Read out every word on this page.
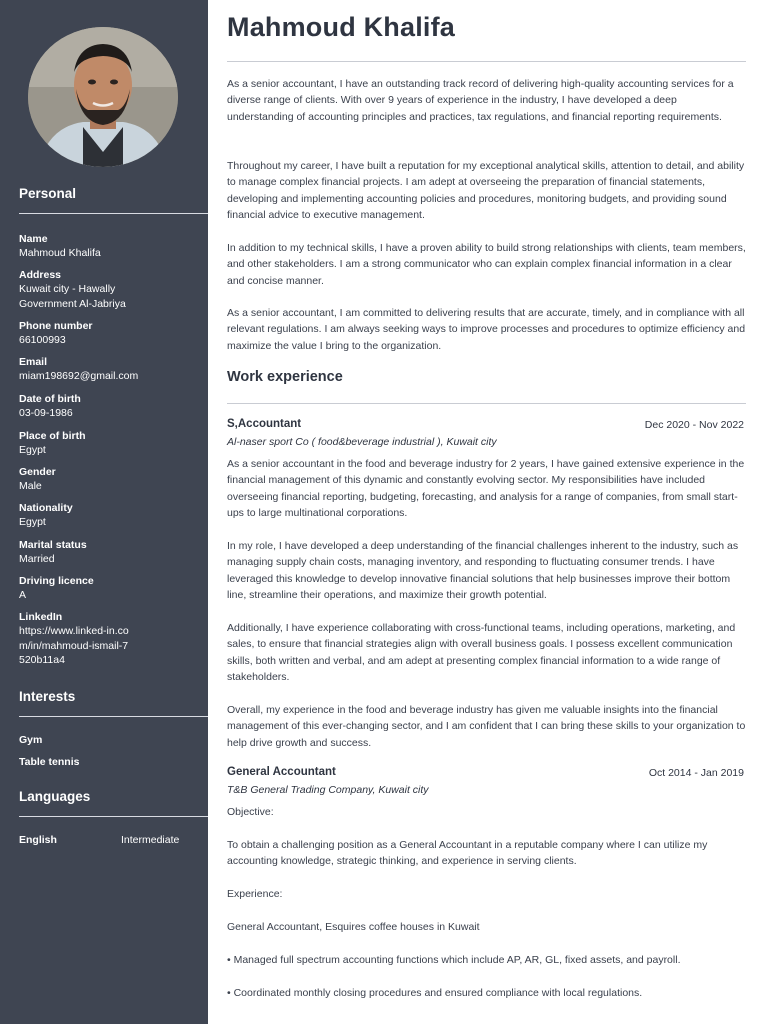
Personal
Name
Mahmoud Khalifa
Address
Kuwait city - Hawally Government Al-Jabriya
Phone number
66100993
Email
miam198692@gmail.com
Date of birth
03-09-1986
Place of birth
Egypt
Gender
Male
Nationality
Egypt
Marital status
Married
Driving licence
A
LinkedIn
https://www.linked-in.com/in/mahmoud-ismail-7520b11a4
Interests
Gym
Table tennis
Languages
English	Intermediate
Mahmoud Khalifa

As a senior accountant, I have an outstanding track record of delivering high-quality accounting services for a diverse range of clients. With over 9 years of experience in the industry, I have developed a deep understanding of accounting principles and practices, tax regulations, and financial reporting requirements.

Throughout my career, I have built a reputation for my exceptional analytical skills, attention to detail, and ability to manage complex financial projects. I am adept at overseeing the preparation of financial statements, developing and implementing accounting policies and procedures, monitoring budgets, and providing sound financial advice to executive management.

In addition to my technical skills, I have a proven ability to build strong relationships with clients, team members, and other stakeholders. I am a strong communicator who can explain complex financial information in a clear and concise manner.

As a senior accountant, I am committed to delivering results that are accurate, timely, and in compliance with all relevant regulations. I am always seeking ways to improve processes and procedures to optimize efficiency and maximize the value I bring to the organization.

Work experience
S,Accountant	Dec 2020 - Nov 2022
Al-naser sport Co ( food&beverage industrial ), Kuwait city

As a senior accountant in the food and beverage industry for 2 years, I have gained extensive experience in the financial management of this dynamic and constantly evolving sector. My responsibilities have included overseeing financial reporting, budgeting, forecasting, and analysis for a range of companies, from small start-ups to large multinational corporations.

In my role, I have developed a deep understanding of the financial challenges inherent to the industry, such as managing supply chain costs, managing inventory, and responding to fluctuating consumer trends. I have leveraged this knowledge to develop innovative financial solutions that help businesses improve their bottom line, streamline their operations, and maximize their growth potential.

Additionally, I have experience collaborating with cross-functional teams, including operations, marketing, and sales, to ensure that financial strategies align with overall business goals. I possess excellent communication skills, both written and verbal, and am adept at presenting complex financial information to a wide range of stakeholders.

Overall, my experience in the food and beverage industry has given me valuable insights into the financial management of this ever-changing sector, and I am confident that I can bring these skills to your organization to help drive growth and success.

General Accountant	Oct 2014 - Jan 2019
T&B General Trading Company, Kuwait city

Objective:

To obtain a challenging position as a General Accountant in a reputable company where I can utilize my accounting knowledge, strategic thinking, and experience in serving clients.

Experience:

General Accountant, Esquires coffee houses in Kuwait

• Managed full spectrum accounting functions which include AP, AR, GL, fixed assets, and payroll.

• Coordinated monthly closing procedures and ensured compliance with local regulations.
